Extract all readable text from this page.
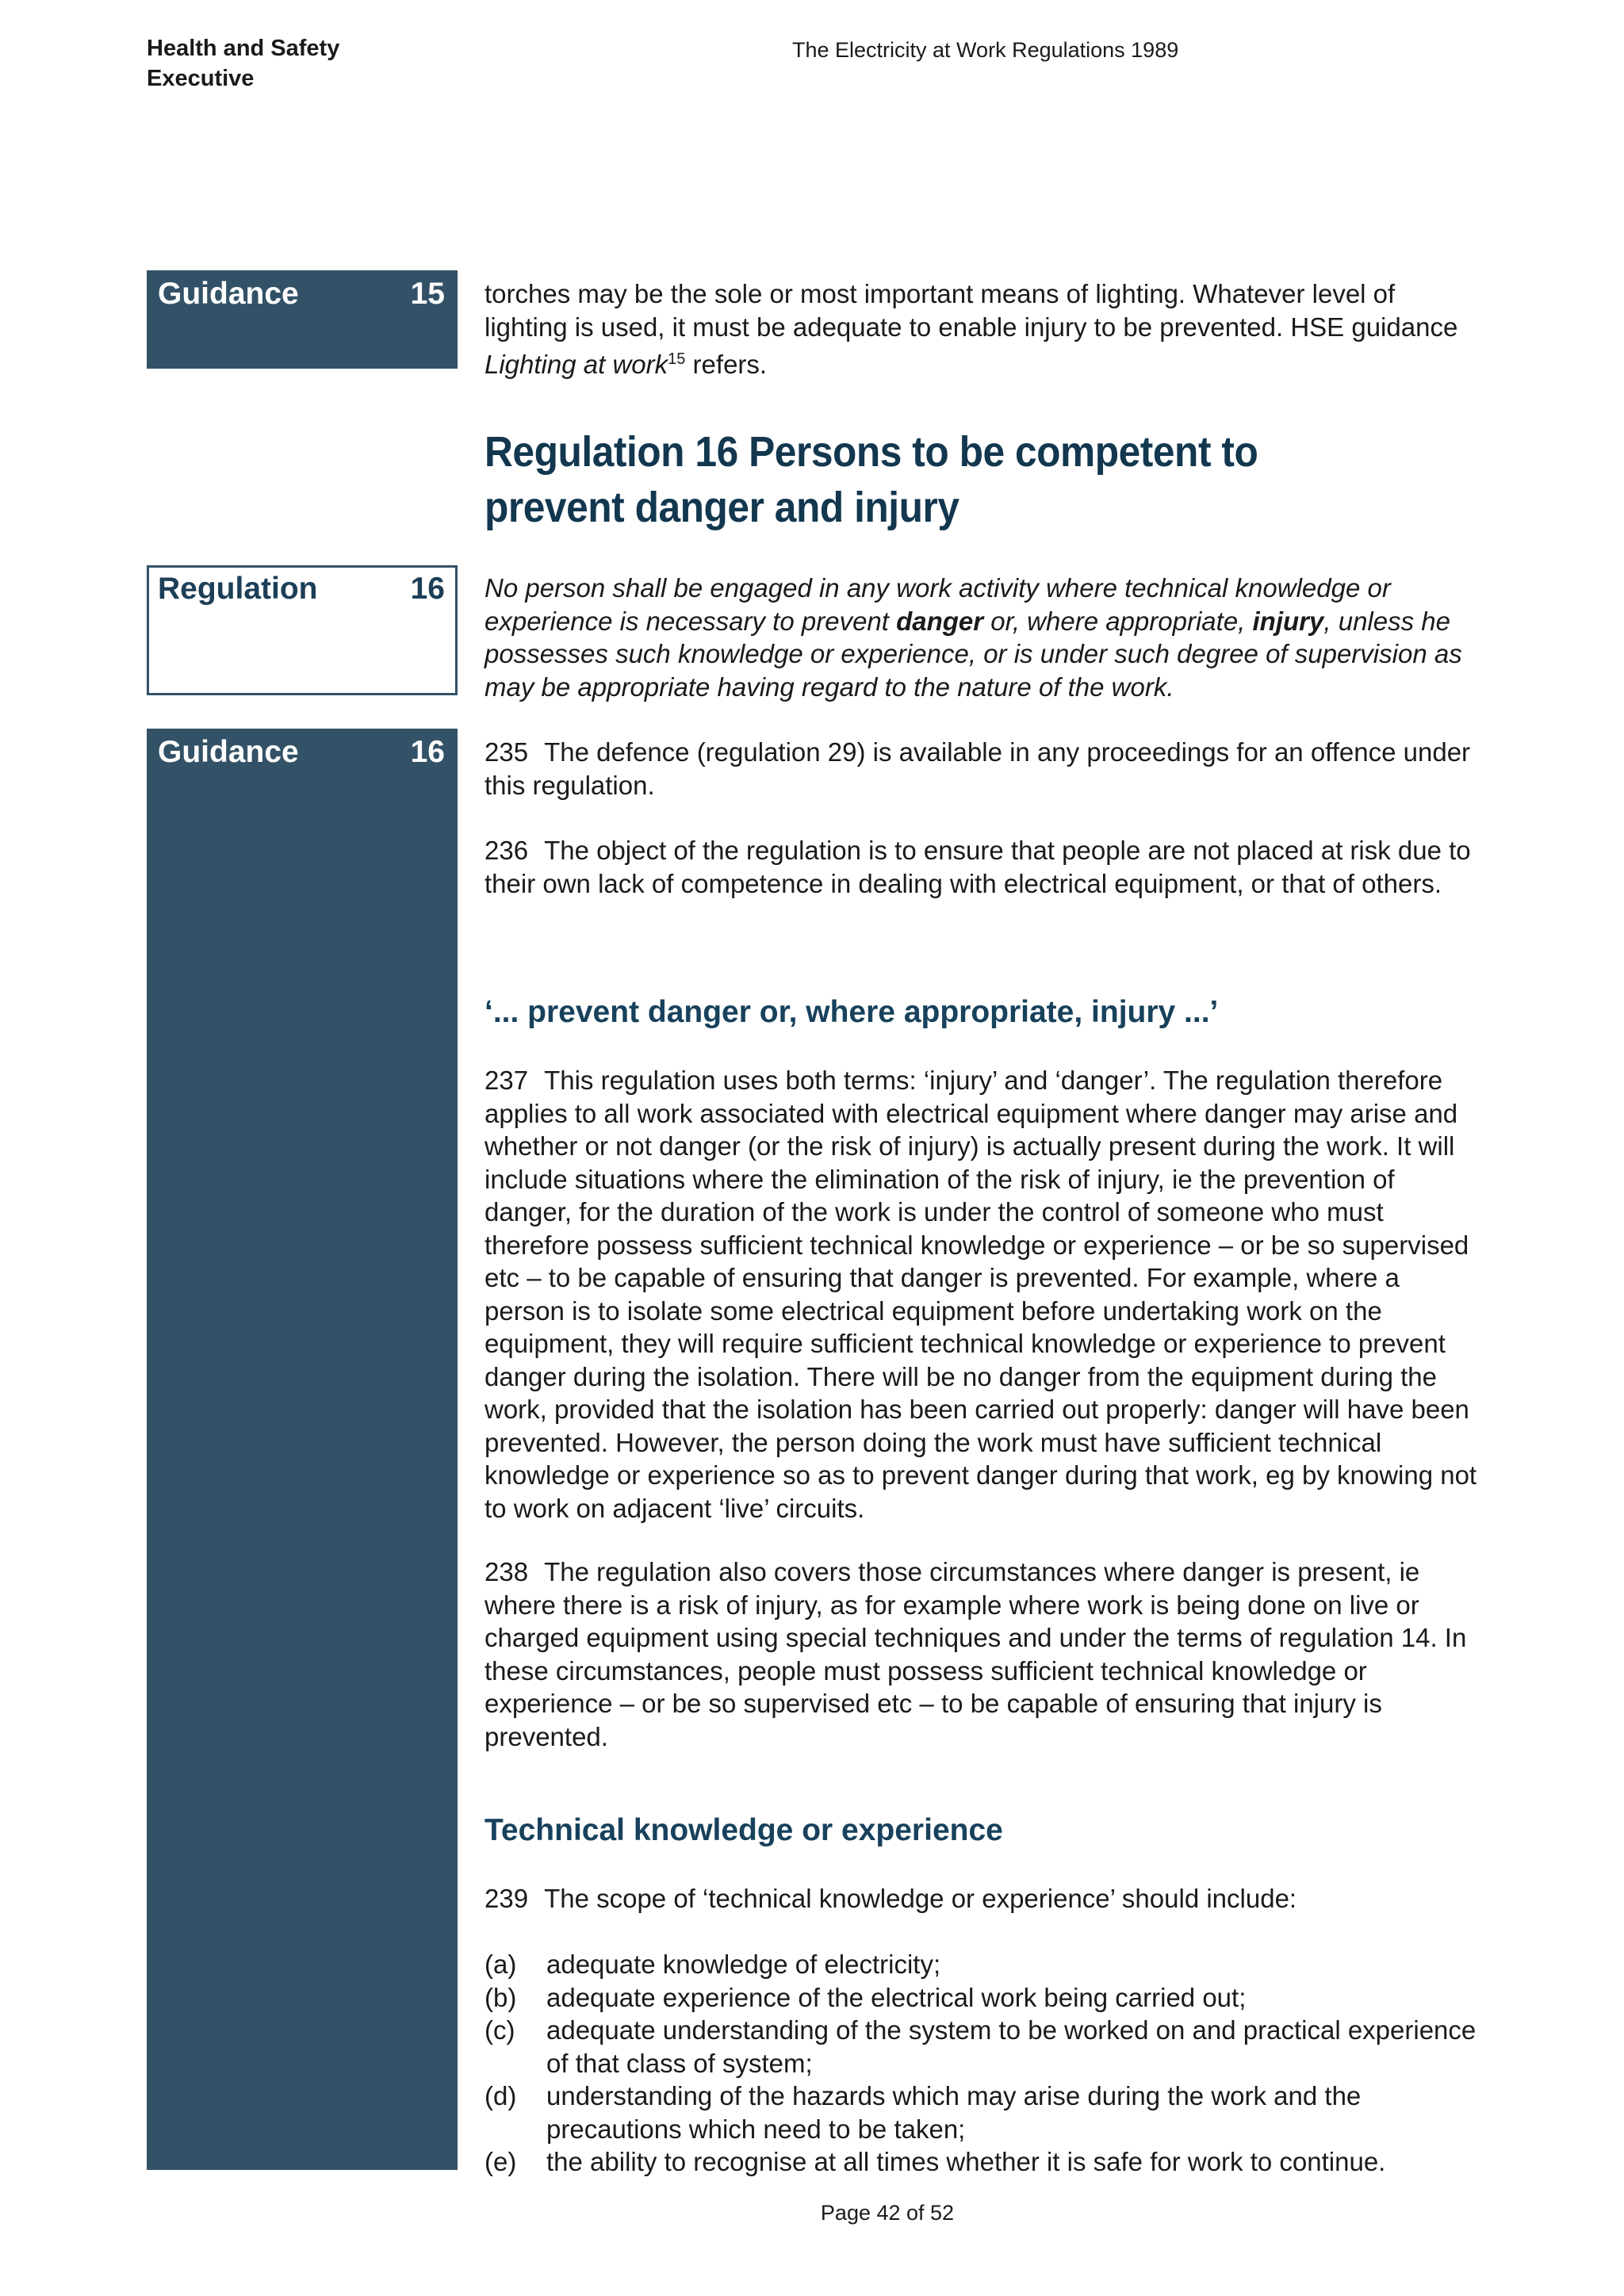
Health and Safety
Executive
The Electricity at Work Regulations 1989
Guidance	15
Regulation	16
Guidance	16

torches may be the sole or most important means of lighting. Whatever level of lighting is used, it must be adequate to enable injury to be prevented. HSE guidance Lighting at work$^{15}$ refers.

Regulation 16 Persons to be competent to prevent danger and injury

No person shall be engaged in any work activity where technical knowledge or experience is necessary to prevent danger or, where appropriate, injury, unless he possesses such knowledge or experience, or is under such degree of supervision as may be appropriate having regard to the nature of the work.

235 The defence (regulation 29) is available in any proceedings for an offence under this regulation.

236 The object of the regulation is to ensure that people are not placed at risk due to their own lack of competence in dealing with electrical equipment, or that of others.

‘... prevent danger or, where appropriate, injury ...’

237 This regulation uses both terms: ‘injury’ and ‘danger’. The regulation therefore applies to all work associated with electrical equipment where danger may arise and whether or not danger (or the risk of injury) is actually present during the work. It will include situations where the elimination of the risk of injury, ie the prevention of danger, for the duration of the work is under the control of someone who must therefore possess sufficient technical knowledge or experience – or be so supervised etc – to be capable of ensuring that danger is prevented. For example, where a person is to isolate some electrical equipment before undertaking work on the equipment, they will require sufficient technical knowledge or experience to prevent danger during the isolation. There will be no danger from the equipment during the work, provided that the isolation has been carried out properly: danger will have been prevented. However, the person doing the work must have sufficient technical knowledge or experience so as to prevent danger during that work, eg by knowing not to work on adjacent ‘live’ circuits.

238 The regulation also covers those circumstances where danger is present, ie where there is a risk of injury, as for example where work is being done on live or charged equipment using special techniques and under the terms of regulation 14. In these circumstances, people must possess sufficient technical knowledge or experience – or be so supervised etc – to be capable of ensuring that injury is prevented.

Technical knowledge or experience

239 The scope of ‘technical knowledge or experience’ should include:

(a)	adequate knowledge of electricity;
(b)	adequate experience of the electrical work being carried out;
(c)	adequate understanding of the system to be worked on and practical experience of that class of system;
(d)	understanding of the hazards which may arise during the work and the precautions which need to be taken;
(e)	the ability to recognise at all times whether it is safe for work to continue.
Page 42 of 52
